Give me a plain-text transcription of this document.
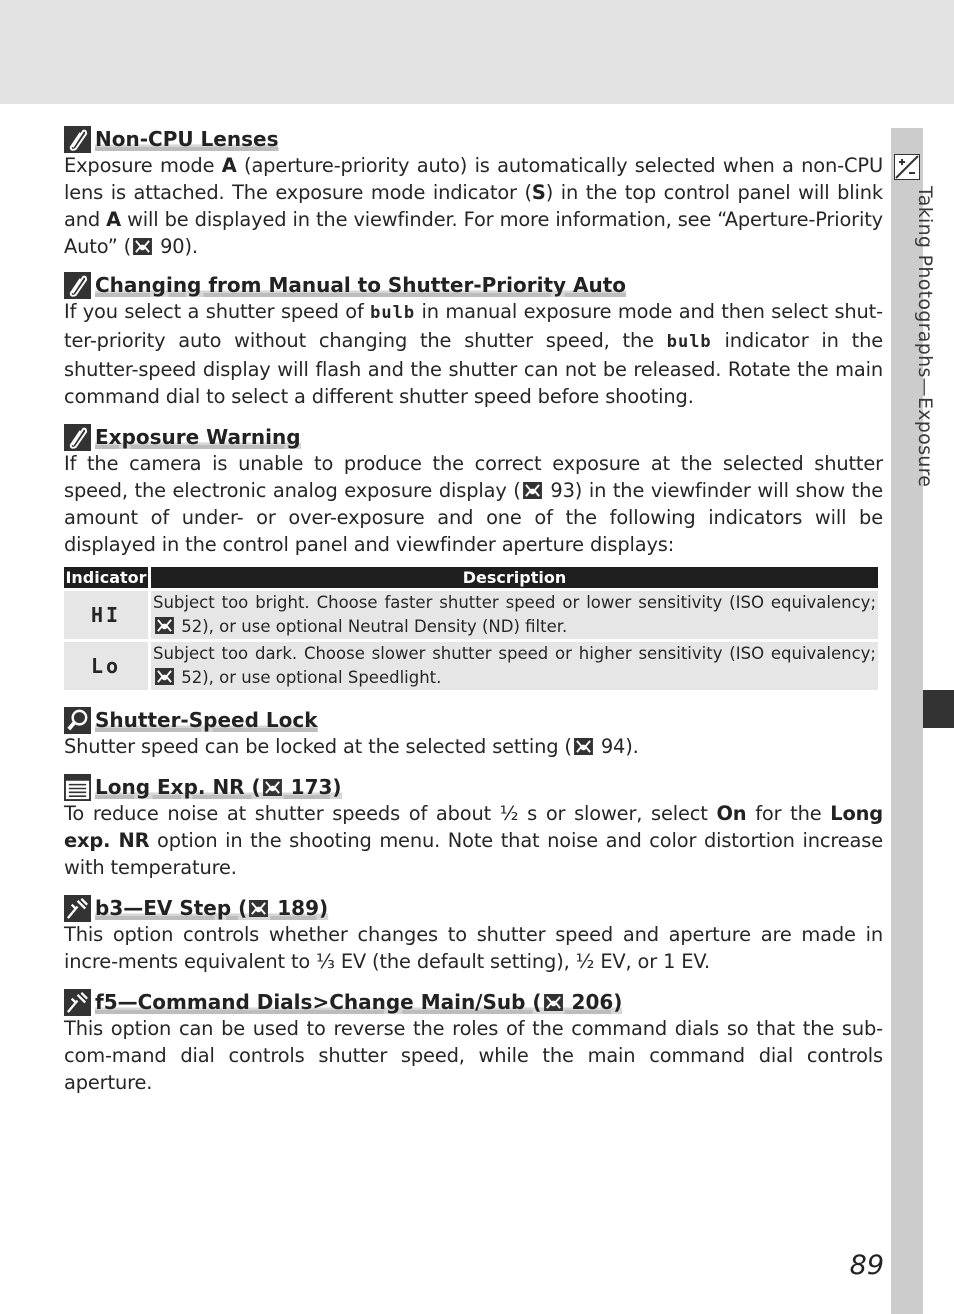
Taking Photographs—Exposure
Non-CPU Lenses

Exposure mode A (aperture-priority auto) is automatically selected when a non-CPU lens is attached. The exposure mode indicator (S) in the top control panel will blink and A will be displayed in the viewfinder. For more information, see “Aperture-Priority Auto” ( 90).

Changing from Manual to Shutter-Priority Auto

If you select a shutter speed of bulb in manual exposure mode and then select shut-ter-priority auto without changing the shutter speed, the bulb indicator in the shutter-speed display will flash and the shutter can not be released. Rotate the main command dial to select a different shutter speed before shooting.

Exposure Warning

If the camera is unable to produce the correct exposure at the selected shutter speed, the electronic analog exposure display ( 93) in the viewfinder will show the amount of under- or over-exposure and one of the following indicators will be displayed in the control panel and viewfinder aperture displays:

Indicator	Description
HI	Subject too bright. Choose faster shutter speed or lower sensitivity (ISO equivalency;  52), or use optional Neutral Density (ND) filter.
Lo	Subject too dark. Choose slower shutter speed or higher sensitivity (ISO equivalency;  52), or use optional Speedlight.
Shutter-Speed Lock

Shutter speed can be locked at the selected setting ( 94).

Long Exp. NR ( 173)

To reduce noise at shutter speeds of about ½ s or slower, select On for the Long exp. NR option in the shooting menu. Note that noise and color distortion increase with temperature.

b3—EV Step ( 189)

This option controls whether changes to shutter speed and aperture are made in incre-ments equivalent to ⅓ EV (the default setting), ½ EV, or 1 EV.

f5—Command Dials>Change Main/Sub ( 206)

This option can be used to reverse the roles of the command dials so that the sub-com-mand dial controls shutter speed, while the main command dial controls aperture.

89
